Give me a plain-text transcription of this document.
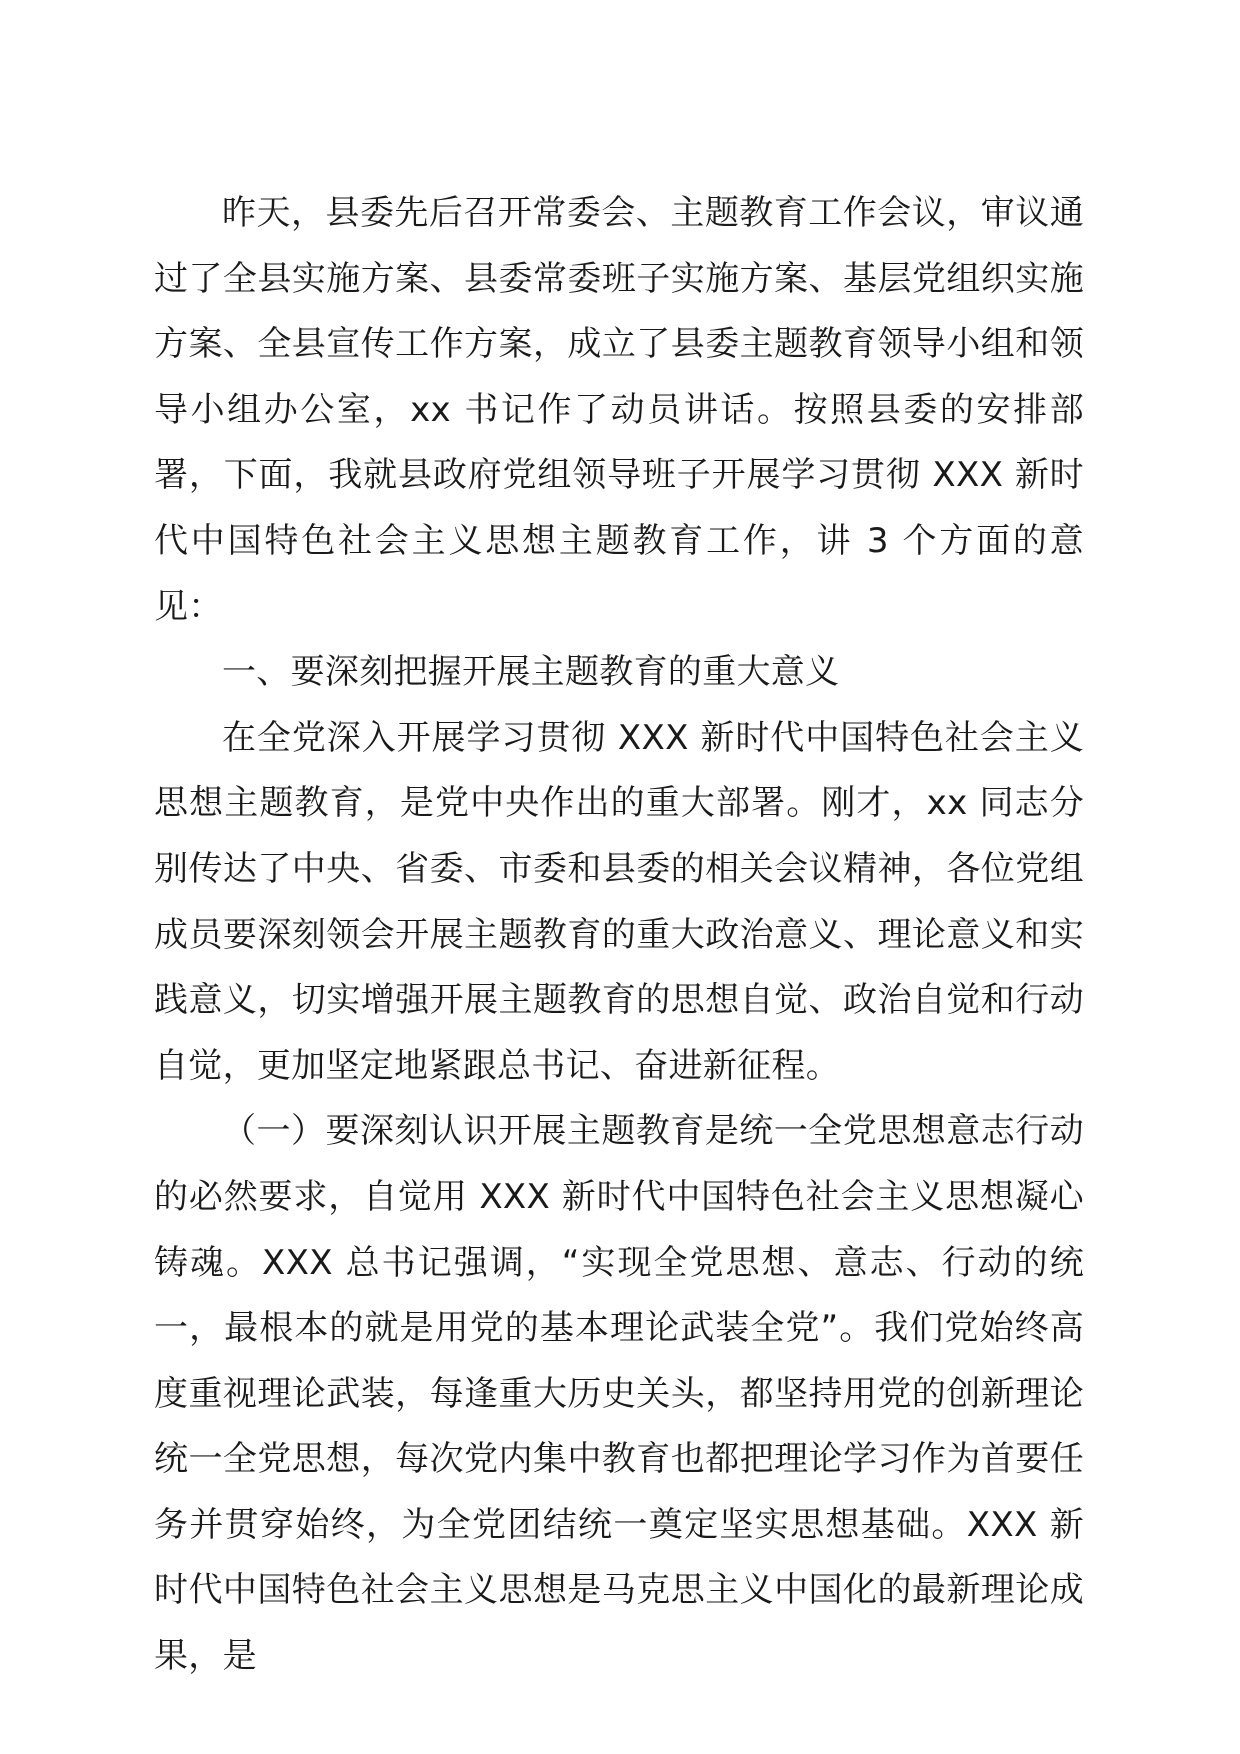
昨天，县委先后召开常委会、主题教育工作会议，审议通过了全县实施方案、县委常委班子实施方案、基层党组织实施方案、全县宣传工作方案，成立了县委主题教育领导小组和领导小组办公室，xx 书记作了动员讲话。按照县委的安排部署，下面，我就县政府党组领导班子开展学习贯彻 XXX 新时代中国特色社会主义思想主题教育工作，讲 3 个方面的意见：

一、要深刻把握开展主题教育的重大意义

在全党深入开展学习贯彻 XXX 新时代中国特色社会主义思想主题教育，是党中央作出的重大部署。刚才，xx 同志分别传达了中央、省委、市委和县委的相关会议精神，各位党组成员要深刻领会开展主题教育的重大政治意义、理论意义和实践意义，切实增强开展主题教育的思想自觉、政治自觉和行动自觉，更加坚定地紧跟总书记、奋进新征程。

（一）要深刻认识开展主题教育是统一全党思想意志行动的必然要求，自觉用 XXX 新时代中国特色社会主义思想凝心铸魂。XXX 总书记强调，“实现全党思想、意志、行动的统一，最根本的就是用党的基本理论武装全党”。我们党始终高度重视理论武装，每逢重大历史关头，都坚持用党的创新理论统一全党思想，每次党内集中教育也都把理论学习作为首要任务并贯穿始终，为全党团结统一奠定坚实思想基础。XXX 新时代中国特色社会主义思想是马克思主义中国化的最新理论成果，是
